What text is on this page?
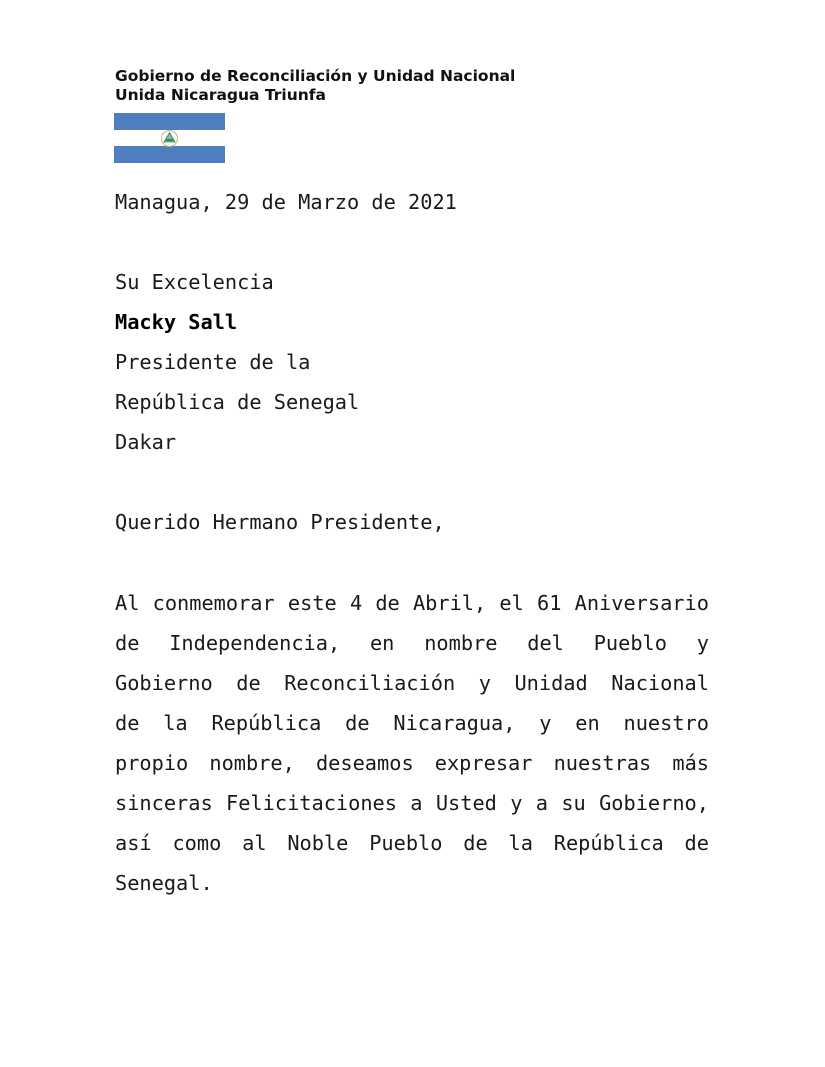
Gobierno de Reconciliación y Unidad Nacional
Unida Nicaragua Triunfa
Managua, 29 de Marzo de 2021
Su Excelencia
Macky Sall
Presidente de la
República de Senegal
Dakar
Querido Hermano Presidente,
Al conmemorar este 4 de Abril, el 61 Aniversario
de Independencia, en nombre del Pueblo y
Gobierno de Reconciliación y Unidad Nacional
de la República de Nicaragua, y en nuestro
propio nombre, deseamos expresar nuestras más
sinceras Felicitaciones a Usted y a su Gobierno,
así como al Noble Pueblo de la República de
Senegal.
